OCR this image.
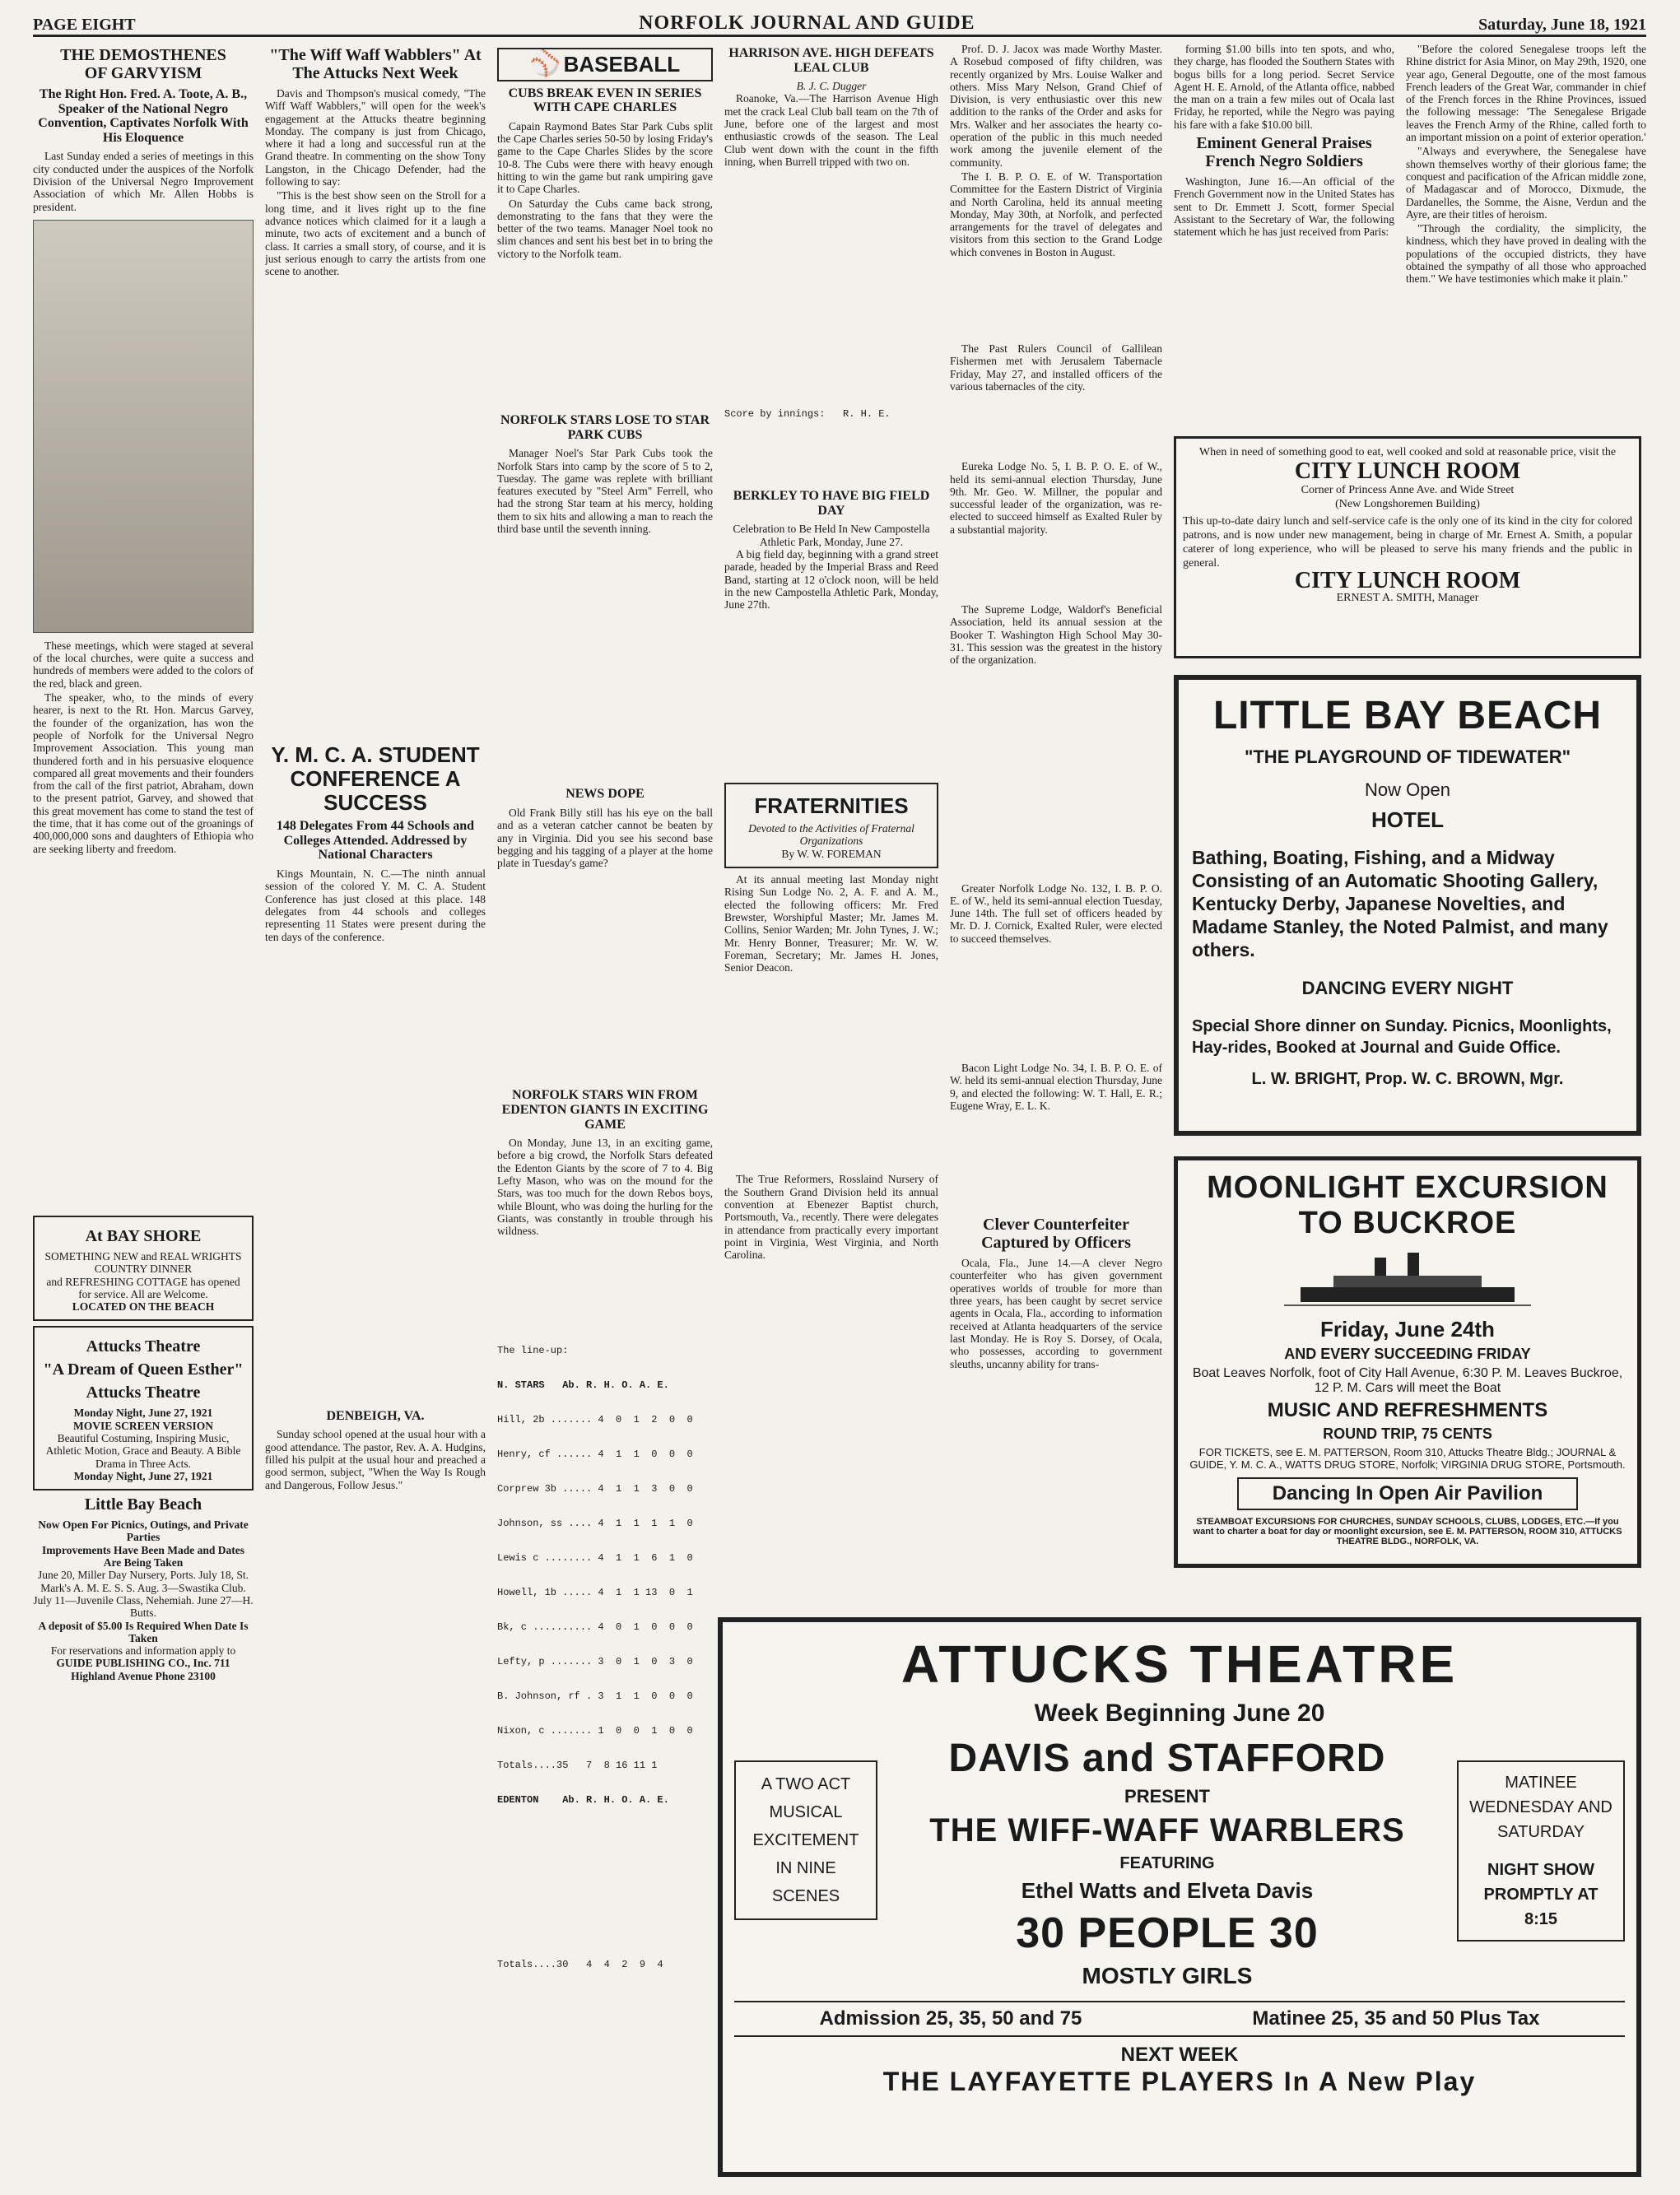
PAGE EIGHT	NORFOLK JOURNAL AND GUIDE	Saturday, June 18, 1921
THE DEMOSTHENES
OF GARVYISM
The Right Hon. Fred. A. Toote, A. B., Speaker of the National Negro Convention, Captivates Norfolk With His Eloquence

Last Sunday ended a series of meetings in this city conducted under the auspices of the Norfolk Division of the Universal Negro Improvement Association of which Mr. Allen Hobbs is president.

These meetings, which were staged at several of the local churches, were quite a success and hundreds of members were added to the colors of the red, black and green.

The speaker, who, to the minds of every hearer, is next to the Rt. Hon. Marcus Garvey, the founder of the organization, has won the people of Norfolk for the Universal Negro Improvement Association. This young man thundered forth and in his persuasive eloquence compared all great movements and their founders from the call of the first patriot, Abraham, down to the present patriot, Garvey, and showed that this great movement has come to stand the test of the time, that it has come out of the groanings of 400,000,000 sons and daughters of Ethiopia who are seeking liberty and freedom.

At BAY SHORE
SOMETHING NEW and REAL WRIGHTS COUNTRY DINNER
and REFRESHING COTTAGE has opened for service. All are Welcome.
LOCATED ON THE BEACH
Attucks Theatre
"A Dream of Queen Esther"
Attucks Theatre
Monday Night, June 27, 1921
MOVIE SCREEN VERSION
Beautiful Costuming, Inspiring Music, Athletic Motion, Grace and Beauty. A Bible Drama in Three Acts.
Monday Night, June 27, 1921
Little Bay Beach
Now Open For Picnics, Outings, and Private Parties
Improvements Have Been Made and Dates Are Being Taken
June 20, Miller Day Nursery, Ports. July 18, St. Mark's A. M. E. S. S. Aug. 3—Swastika Club. July 11—Juvenile Class, Nehemiah. June 27—H. Butts.
A deposit of $5.00 Is Required When Date Is Taken
For reservations and information apply to
GUIDE PUBLISHING CO., Inc. 711 Highland Avenue Phone 23100
"The Wiff Waff Wabblers" At The Attucks Next Week

Davis and Thompson's musical comedy, "The Wiff Waff Wabblers," will open for the week's engagement at the Attucks theatre beginning Monday. The company is just from Chicago, where it had a long and successful run at the Grand theatre. In commenting on the show Tony Langston, in the Chicago Defender, had the following to say:

"This is the best show seen on the Stroll for a long time, and it lives right up to the fine advance notices which claimed for it a laugh a minute, two acts of excitement and a bunch of class. It carries a small story, of course, and it is just serious enough to carry the artists from one scene to another.

Y. M. C. A. STUDENT CONFERENCE A SUCCESS
148 Delegates From 44 Schools and Colleges Attended. Addressed by National Characters

Kings Mountain, N. C.—The ninth annual session of the colored Y. M. C. A. Student Conference has just closed at this place. 148 delegates from 44 schools and colleges representing 11 States were present during the ten days of the conference.

DENBEIGH, VA.

Sunday school opened at the usual hour with a good attendance. The pastor, Rev. A. A. Hudgins, filled his pulpit at the usual hour and preached a good sermon, subject, "When the Way Is Rough and Dangerous, Follow Jesus."

⚾ BASEBALL
CUBS BREAK EVEN IN SERIES WITH CAPE CHARLES

Capain Raymond Bates Star Park Cubs split the Cape Charles series 50-50 by losing Friday's game to the Cape Charles Slides by the score 10-8. The Cubs were there with heavy enough hitting to win the game but rank umpiring gave it to Cape Charles.

On Saturday the Cubs came back strong, demonstrating to the fans that they were the better of the two teams. Manager Noel took no slim chances and sent his best bet in to bring the victory to the Norfolk team.

NORFOLK STARS LOSE TO STAR PARK CUBS

Manager Noel's Star Park Cubs took the Norfolk Stars into camp by the score of 5 to 2, Tuesday. The game was replete with brilliant features executed by "Steel Arm" Ferrell, who had the strong Star team at his mercy, holding them to six hits and allowing a man to reach the third base until the seventh inning.

NEWS DOPE

Old Frank Billy still has his eye on the ball and as a veteran catcher cannot be beaten by any in Virginia. Did you see his second base begging and his tagging of a player at the home plate in Tuesday's game?

NORFOLK STARS WIN FROM EDENTON GIANTS IN EXCITING GAME

On Monday, June 13, in an exciting game, before a big crowd, the Norfolk Stars defeated the Edenton Giants by the score of 7 to 4. Big Lefty Mason, who was on the mound for the Stars, was too much for the down Rebos boys, while Blount, who was doing the hurling for the Giants, was constantly in trouble through his wildness.

The line-up:

N. STARS   Ab. R. H. O. A. E.

Hill, 2b ....... 4  0  1  2  0  0

Henry, cf ...... 4  1  1  0  0  0

Corprew 3b ..... 4  1  1  3  0  0

Johnson, ss .... 4  1  1  1  1  0

Lewis c ........ 4  1  1  6  1  0

Howell, 1b ..... 4  1  1 13  0  1

Bk, c .......... 4  0  1  0  0  0

Lefty, p ....... 3  0  1  0  3  0

B. Johnson, rf . 3  1  1  0  0  0

Nixon, c ....... 1  0  0  1  0  0

Totals....35   7  8 16 11 1

EDENTON    Ab. R. H. O. A. E.

Totals....30   4  4  2  9  4

HARRISON AVE. HIGH DEFEATS LEAL CLUB
B. J. C. Dugger

Roanoke, Va.—The Harrison Avenue High met the crack Leal Club ball team on the 7th of June, before one of the largest and most enthusiastic crowds of the season. The Leal Club went down with the count in the fifth inning, when Burrell tripped with two on.

Score by innings:   R. H. E.
BERKLEY TO HAVE BIG FIELD DAY
Celebration to Be Held In New Campostella Athletic Park, Monday, June 27.

A big field day, beginning with a grand street parade, headed by the Imperial Brass and Reed Band, starting at 12 o'clock noon, will be held in the new Campostella Athletic Park, Monday, June 27th.

FRATERNITIES
Devoted to the Activities of Fraternal Organizations
By W. W. FOREMAN

At its annual meeting last Monday night Rising Sun Lodge No. 2, A. F. and A. M., elected the following officers: Mr. Fred Brewster, Worshipful Master; Mr. James M. Collins, Senior Warden; Mr. John Tynes, J. W.; Mr. Henry Bonner, Treasurer; Mr. W. W. Foreman, Secretary; Mr. James H. Jones, Senior Deacon.

The True Reformers, Rosslaind Nursery of the Southern Grand Division held its annual convention at Ebenezer Baptist church, Portsmouth, Va., recently. There were delegates in attendance from practically every important point in Virginia, West Virginia, and North Carolina.

Prof. D. J. Jacox was made Worthy Master. A Rosebud composed of fifty children, was recently organized by Mrs. Louise Walker and others. Miss Mary Nelson, Grand Chief of Division, is very enthusiastic over this new addition to the ranks of the Order and asks for Mrs. Walker and her associates the hearty co-operation of the public in this much needed work among the juvenile element of the community.

The I. B. P. O. E. of W. Transportation Committee for the Eastern District of Virginia and North Carolina, held its annual meeting Monday, May 30th, at Norfolk, and perfected arrangements for the travel of delegates and visitors from this section to the Grand Lodge which convenes in Boston in August.

The Past Rulers Council of Gallilean Fishermen met with Jerusalem Tabernacle Friday, May 27, and installed officers of the various tabernacles of the city.

Eureka Lodge No. 5, I. B. P. O. E. of W., held its semi-annual election Thursday, June 9th. Mr. Geo. W. Millner, the popular and successful leader of the organization, was re-elected to succeed himself as Exalted Ruler by a substantial majority.

The Supreme Lodge, Waldorf's Beneficial Association, held its annual session at the Booker T. Washington High School May 30-31. This session was the greatest in the history of the organization.

Greater Norfolk Lodge No. 132, I. B. P. O. E. of W., held its semi-annual election Tuesday, June 14th. The full set of officers headed by Mr. D. J. Cornick, Exalted Ruler, were elected to succeed themselves.

Bacon Light Lodge No. 34, I. B. P. O. E. of W. held its semi-annual election Thursday, June 9, and elected the following: W. T. Hall, E. R.; Eugene Wray, E. L. K.

Clever Counterfeiter Captured by Officers

Ocala, Fla., June 14.—A clever Negro counterfeiter who has given government operatives worlds of trouble for more than three years, has been caught by secret service agents in Ocala, Fla., according to information received at Atlanta headquarters of the service last Monday. He is Roy S. Dorsey, of Ocala, who possesses, according to government sleuths, uncanny ability for trans-

forming $1.00 bills into ten spots, and who, they charge, has flooded the Southern States with bogus bills for a long period. Secret Service Agent H. E. Arnold, of the Atlanta office, nabbed the man on a train a few miles out of Ocala last Friday, he reported, while the Negro was paying his fare with a fake $10.00 bill.

Eminent General Praises French Negro Soldiers

Washington, June 16.—An official of the French Government now in the United States has sent to Dr. Emmett J. Scott, former Special Assistant to the Secretary of War, the following statement which he has just received from Paris:

"Before the colored Senegalese troops left the Rhine district for Asia Minor, on May 29th, 1920, one year ago, General Degoutte, one of the most famous French leaders of the Great War, commander in chief of the French forces in the Rhine Provinces, issued the following message: 'The Senegalese Brigade leaves the French Army of the Rhine, called forth to an important mission on a point of exterior operation.'

"Always and everywhere, the Senegalese have shown themselves worthy of their glorious fame; the conquest and pacification of the African middle zone, of Madagascar and of Morocco, Dixmude, the Dardanelles, the Somme, the Aisne, Verdun and the Ayre, are their titles of heroism.

"Through the cordiality, the simplicity, the kindness, which they have proved in dealing with the populations of the occupied districts, they have obtained the sympathy of all those who approached them." We have testimonies which make it plain."

When in need of something good to eat, well cooked and sold at reasonable price, visit the
CITY LUNCH ROOM
Corner of Princess Anne Ave. and Wide Street
(New Longshoremen Building)
This up-to-date dairy lunch and self-service cafe is the only one of its kind in the city for colored patrons, and is now under new management, being in charge of Mr. Ernest A. Smith, a popular caterer of long experience, who will be pleased to serve his many friends and the public in general.
CITY LUNCH ROOM
ERNEST A. SMITH, Manager
LITTLE BAY BEACH
"THE PLAYGROUND OF TIDEWATER"
Now Open
HOTEL
Bathing, Boating, Fishing, and a Midway Consisting of an Automatic Shooting Gallery, Kentucky Derby, Japanese Novelties, and Madame Stanley, the Noted Palmist, and many others.
DANCING EVERY NIGHT
Special Shore dinner on Sunday. Picnics, Moonlights, Hay-rides, Booked at Journal and Guide Office.
L. W. BRIGHT, Prop. W. C. BROWN, Mgr.
MOONLIGHT EXCURSION
TO BUCKROE
Friday, June 24th
AND EVERY SUCCEEDING FRIDAY
Boat Leaves Norfolk, foot of City Hall Avenue, 6:30 P. M. Leaves Buckroe, 12 P. M. Cars will meet the Boat
MUSIC AND REFRESHMENTS
ROUND TRIP, 75 CENTS
FOR TICKETS, see E. M. PATTERSON, Room 310, Attucks Theatre Bldg.; JOURNAL & GUIDE, Y. M. C. A., WATTS DRUG STORE, Norfolk; VIRGINIA DRUG STORE, Portsmouth.
Dancing In Open Air Pavilion
STEAMBOAT EXCURSIONS FOR CHURCHES, SUNDAY SCHOOLS, CLUBS, LODGES, ETC.—If you want to charter a boat for day or moonlight excursion, see E. M. PATTERSON, ROOM 310, ATTUCKS THEATRE BLDG., NORFOLK, VA.
ATTUCKS THEATRE
Week Beginning June 20
A TWO ACT MUSICAL EXCITEMENT IN NINE SCENES
DAVIS and STAFFORD
PRESENT
THE WIFF-WAFF WARBLERS
FEATURING
Ethel Watts and Elveta Davis
30 PEOPLE 30
MOSTLY GIRLS
MATINEE WEDNESDAY AND SATURDAY
NIGHT SHOW PROMPTLY AT 8:15
Admission 25, 35, 50 and 75	Matinee 25, 35 and 50 Plus Tax
NEXT WEEK
THE LAYFAYETTE PLAYERS In A New Play
